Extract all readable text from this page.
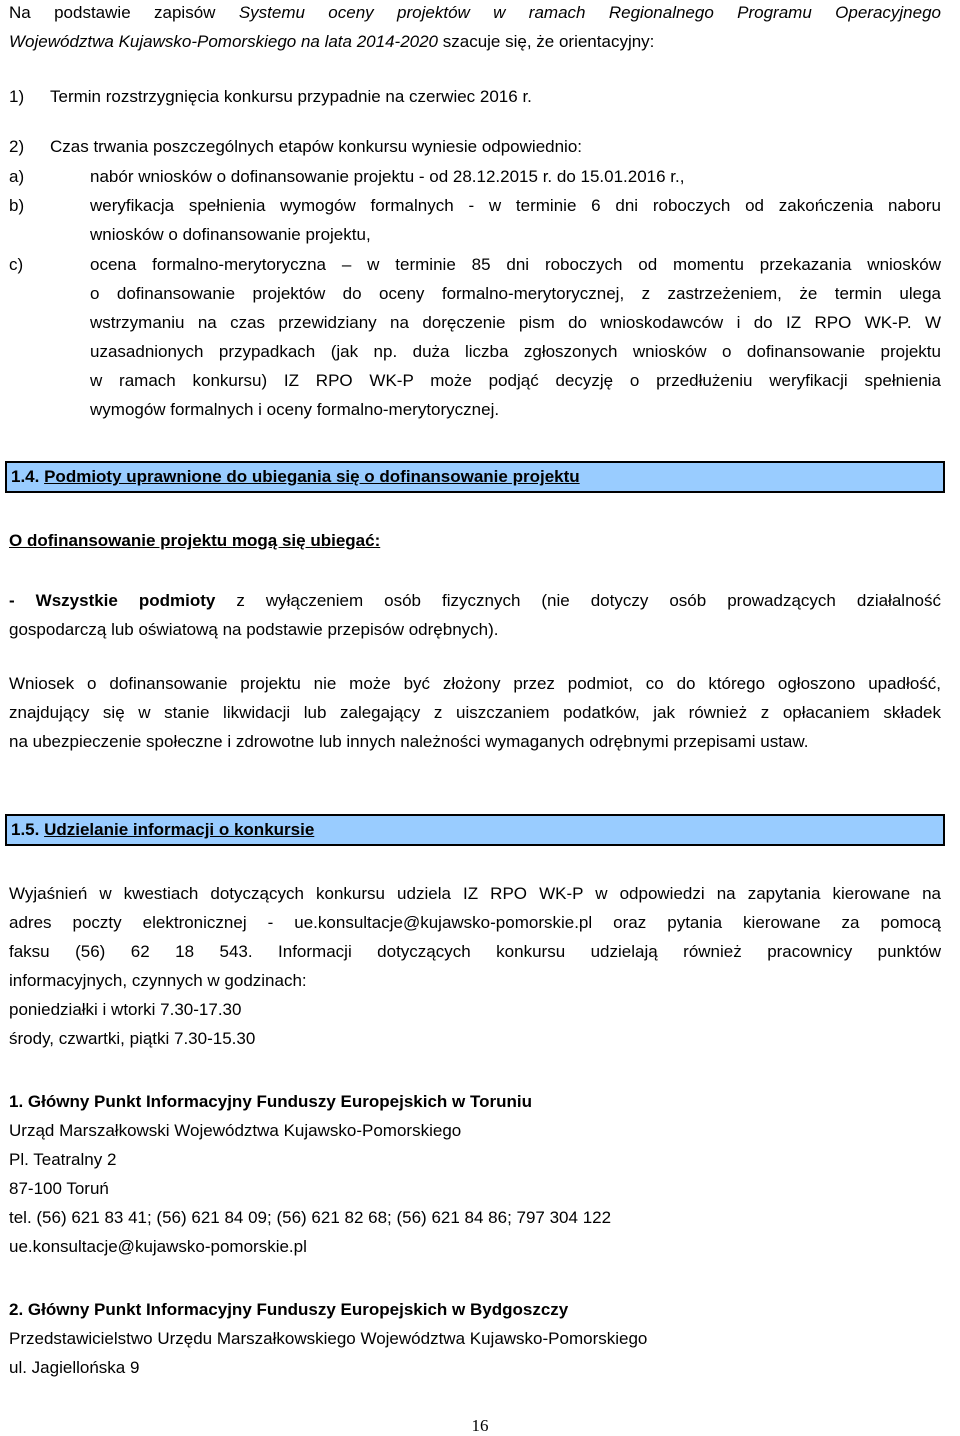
Na podstawie zapisów Systemu oceny projektów w ramach Regionalnego Programu Operacyjnego
Województwa Kujawsko-Pomorskiego na lata 2014-2020 szacuje się, że orientacyjny:
1) Termin rozstrzygnięcia konkursu przypadnie na czerwiec 2016 r.
2) Czas trwania poszczególnych etapów konkursu wyniesie odpowiednio:
a)	nabór wniosków o dofinansowanie projektu - od 28.12.2015 r. do 15.01.2016 r.,
b)	weryfikacja spełnienia wymogów formalnych - w terminie 6 dni roboczych od zakończenia naboru
wniosków o dofinansowanie projektu,
c)	ocena formalno-merytoryczna – w terminie 85 dni roboczych od momentu przekazania wniosków
o dofinansowanie projektów do oceny formalno-merytorycznej, z zastrzeżeniem, że termin ulega
wstrzymaniu na czas przewidziany na doręczenie pism do wnioskodawców i do IZ RPO WK-P. W
uzasadnionych przypadkach (jak np. duża liczba zgłoszonych wniosków o dofinansowanie projektu
w ramach konkursu) IZ RPO WK-P może podjąć decyzję o przedłużeniu weryfikacji spełnienia
wymogów formalnych i oceny formalno-merytorycznej.
1.4. Podmioty uprawnione do ubiegania się o dofinansowanie projektu
O dofinansowanie projektu mogą się ubiegać:
- Wszystkie podmioty z wyłączeniem osób fizycznych (nie dotyczy osób prowadzących działalność
gospodarczą lub oświatową na podstawie przepisów odrębnych).
Wniosek o dofinansowanie projektu nie może być złożony przez podmiot, co do którego ogłoszono upadłość,
znajdujący się w stanie likwidacji lub zalegający z uiszczaniem podatków, jak również z opłacaniem składek
na ubezpieczenie społeczne i zdrowotne lub innych należności wymaganych odrębnymi przepisami ustaw.
1.5. Udzielanie informacji o konkursie
Wyjaśnień w kwestiach dotyczących konkursu udziela IZ RPO WK-P w odpowiedzi na zapytania kierowane na
adres poczty elektronicznej - ue.konsultacje@kujawsko-pomorskie.pl oraz pytania kierowane za pomocą
faksu (56) 62 18 543. Informacji dotyczących konkursu udzielają również pracownicy punktów
informacyjnych, czynnych w godzinach:
poniedziałki i wtorki 7.30-17.30
środy, czwartki, piątki 7.30-15.30
1. Główny Punkt Informacyjny Funduszy Europejskich w Toruniu
Urząd Marszałkowski Województwa Kujawsko-Pomorskiego
Pl. Teatralny 2
87-100 Toruń
tel. (56) 621 83 41; (56) 621 84 09; (56) 621 82 68; (56) 621 84 86; 797 304 122
ue.konsultacje@kujawsko-pomorskie.pl
2. Główny Punkt Informacyjny Funduszy Europejskich w Bydgoszczy
Przedstawicielstwo Urzędu Marszałkowskiego Województwa Kujawsko-Pomorskiego
ul. Jagiellońska 9
16
